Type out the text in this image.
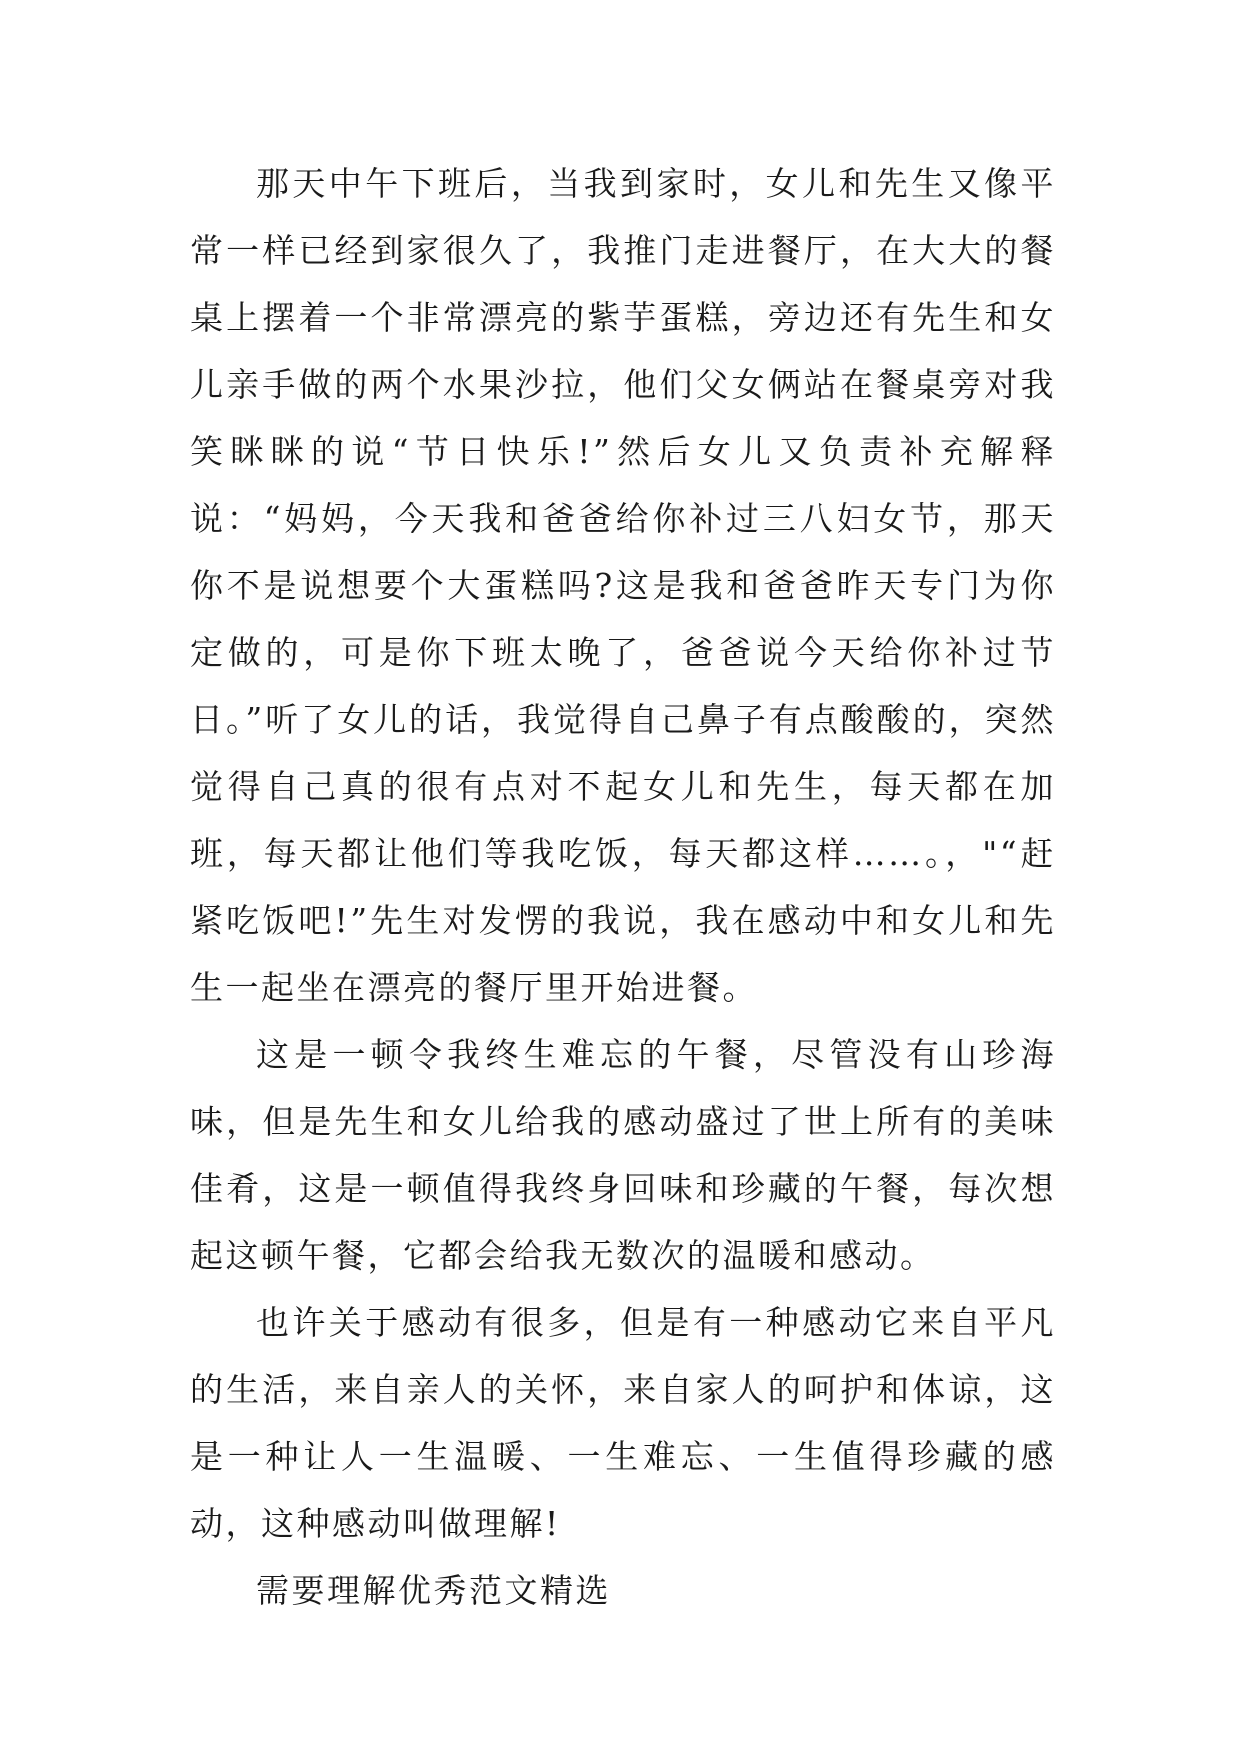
那天中午下班后，当我到家时，女儿和先生又像平常一样已经到家很久了，我推门走进餐厅，在大大的餐桌上摆着一个非常漂亮的紫芋蛋糕，旁边还有先生和女儿亲手做的两个水果沙拉，他们父女俩站在餐桌旁对我笑眯眯的说“节日快乐!”然后女儿又负责补充解释说：“妈妈，今天我和爸爸给你补过三八妇女节，那天你不是说想要个大蛋糕吗?这是我和爸爸昨天专门为你定做的，可是你下班太晚了，爸爸说今天给你补过节日。”听了女儿的话，我觉得自己鼻子有点酸酸的，突然觉得自己真的很有点对不起女儿和先生，每天都在加班，每天都让他们等我吃饭，每天都这样……。，"“赶紧吃饭吧!”先生对发愣的我说，我在感动中和女儿和先生一起坐在漂亮的餐厅里开始进餐。

这是一顿令我终生难忘的午餐，尽管没有山珍海味，但是先生和女儿给我的感动盛过了世上所有的美味佳肴，这是一顿值得我终身回味和珍藏的午餐，每次想起这顿午餐，它都会给我无数次的温暖和感动。

也许关于感动有很多，但是有一种感动它来自平凡的生活，来自亲人的关怀，来自家人的呵护和体谅，这是一种让人一生温暖、一生难忘、一生值得珍藏的感动，这种感动叫做理解!

需要理解优秀范文精选
